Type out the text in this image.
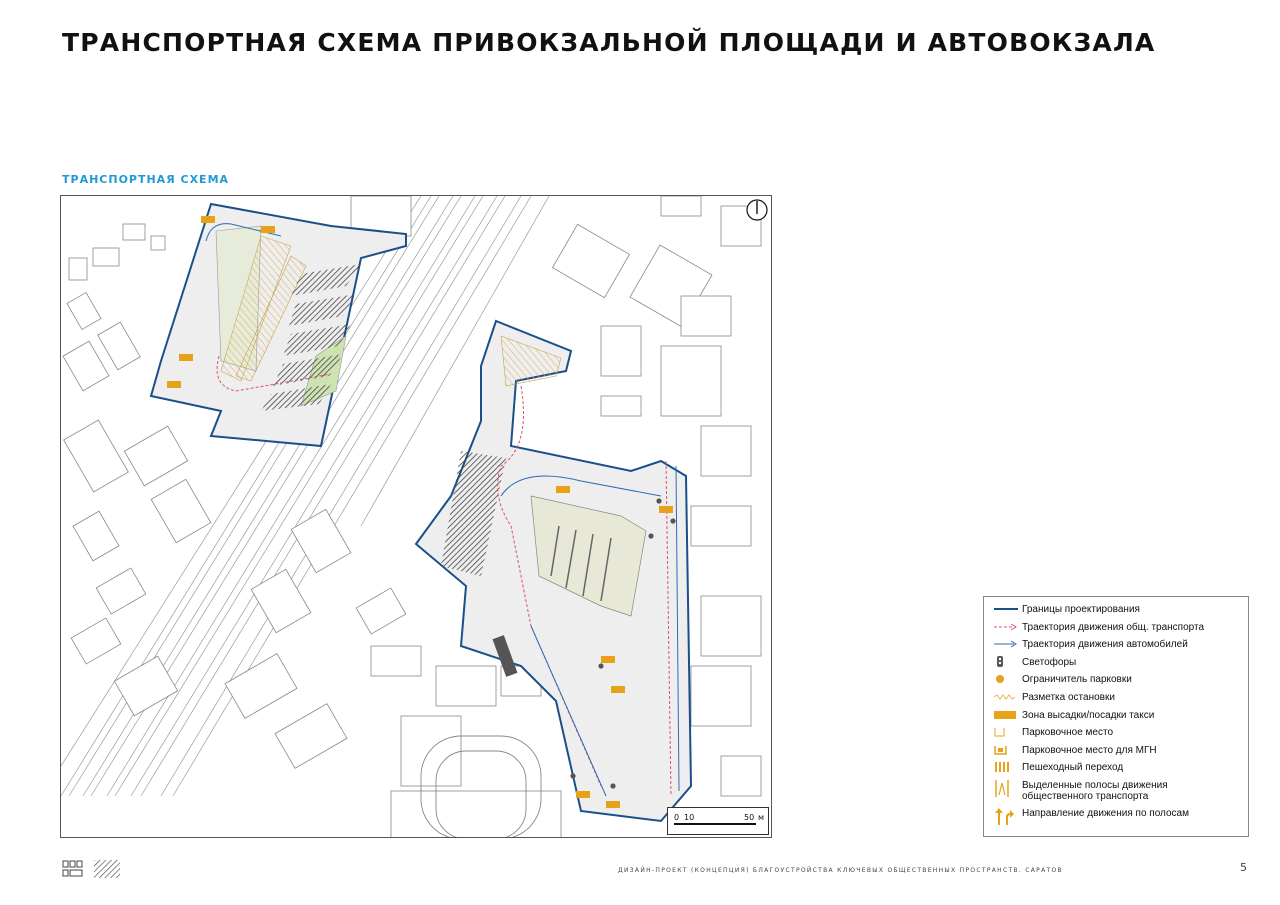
ТРАНСПОРТНАЯ СХЕМА ПРИВОКЗАЛЬНОЙ ПЛОЩАДИ И АВТОВОКЗАЛА
ТРАНСПОРТНАЯ СХЕМА
0 10	50 м
Границы проектирования
Траектория движения общ. транспорта
Траектория движения автомобилей
Светофоры
Ограничитель парковки
Разметка остановки
Зона высадки/посадки такси
Парковочное место
Парковочное место для МГН
Пешеходный переход
Выделенные полосы движения общественного транспорта
Направление движения по полосам
ДИЗАЙН-ПРОЕКТ (КОНЦЕПЦИЯ) БЛАГОУСТРОЙСТВА КЛЮЧЕВЫХ ОБЩЕСТВЕННЫХ ПРОСТРАНСТВ. САРАТОВ	5
